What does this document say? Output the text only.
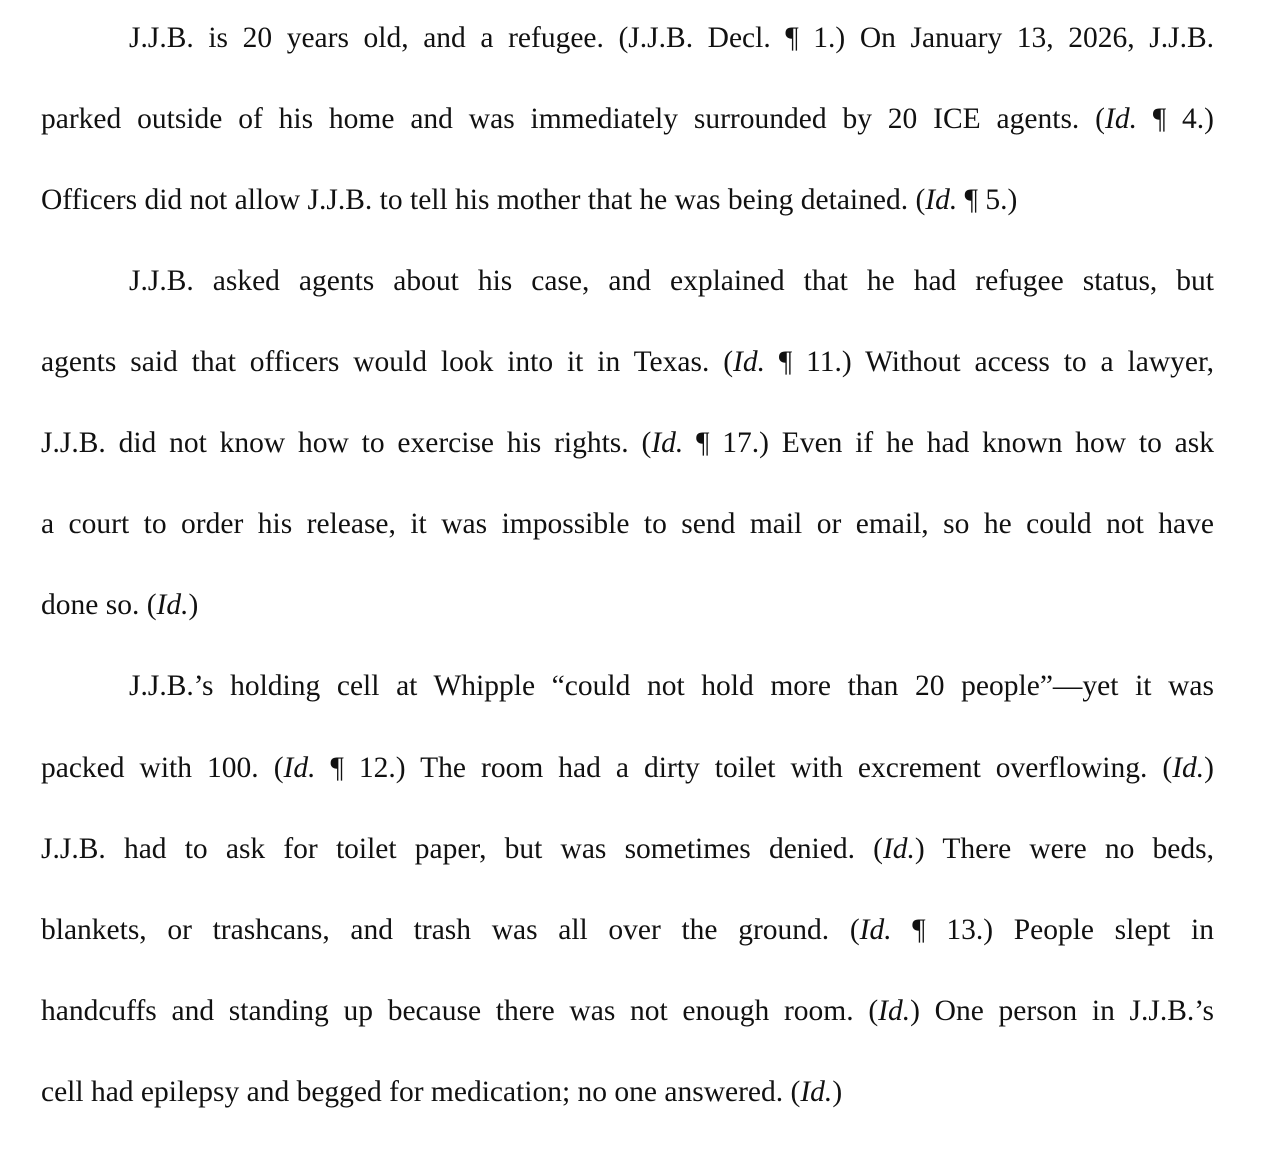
J.J.B. is 20 years old, and a refugee. (J.J.B. Decl. ¶ 1.) On January 13, 2026, J.J.B.
parked outside of his home and was immediately surrounded by 20 ICE agents. (Id. ¶ 4.)
Officers did not allow J.J.B. to tell his mother that he was being detained. (Id. ¶ 5.)
J.J.B. asked agents about his case, and explained that he had refugee status, but
agents said that officers would look into it in Texas. (Id. ¶ 11.) Without access to a lawyer,
J.J.B. did not know how to exercise his rights. (Id. ¶ 17.) Even if he had known how to ask
a court to order his release, it was impossible to send mail or email, so he could not have
done so. (Id.)
J.J.B.’s holding cell at Whipple “could not hold more than 20 people”—yet it was
packed with 100. (Id. ¶ 12.) The room had a dirty toilet with excrement overflowing. (Id.)
J.J.B. had to ask for toilet paper, but was sometimes denied. (Id.) There were no beds,
blankets, or trashcans, and trash was all over the ground. (Id. ¶ 13.) People slept in
handcuffs and standing up because there was not enough room. (Id.) One person in J.J.B.’s
cell had epilepsy and begged for medication; no one answered. (Id.)
